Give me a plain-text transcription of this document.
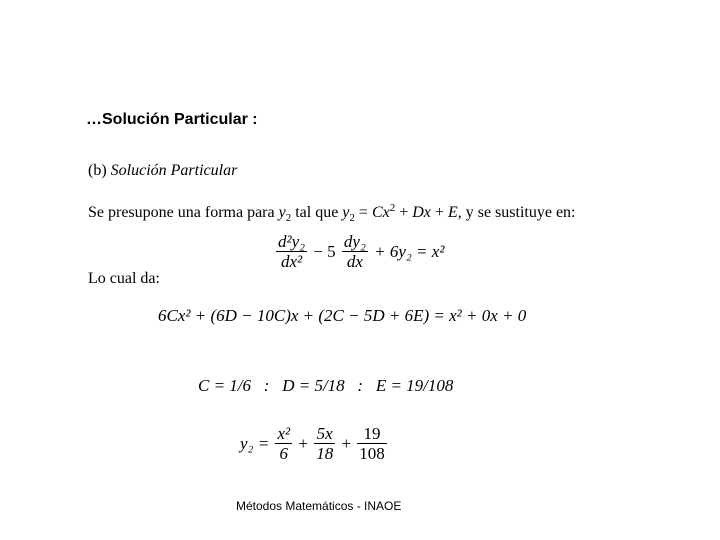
…Solución Particular :
(b) Solución Particular
Se presupone una forma para $y_2$ tal que $y_2 = Cx^2 + Dx + E$, y se sustituye en:
$\frac{\text{d²y₂}}{\text{dx²}} - 5 \frac{\text{dy₂}}{dx} + 6y_2 = x^2$
Lo cual da:
6Cx² + (6D − 10C)x + (2C − 5D + 6E) = x² + 0x + 0
C = 1/6   :   D = 5/18   :   E = 19/108
$y_2 = \frac{\text{x²}}{6} + \frac{5x}{18} + \frac{19}{108}$
Métodos Matemáticos - INAOE
